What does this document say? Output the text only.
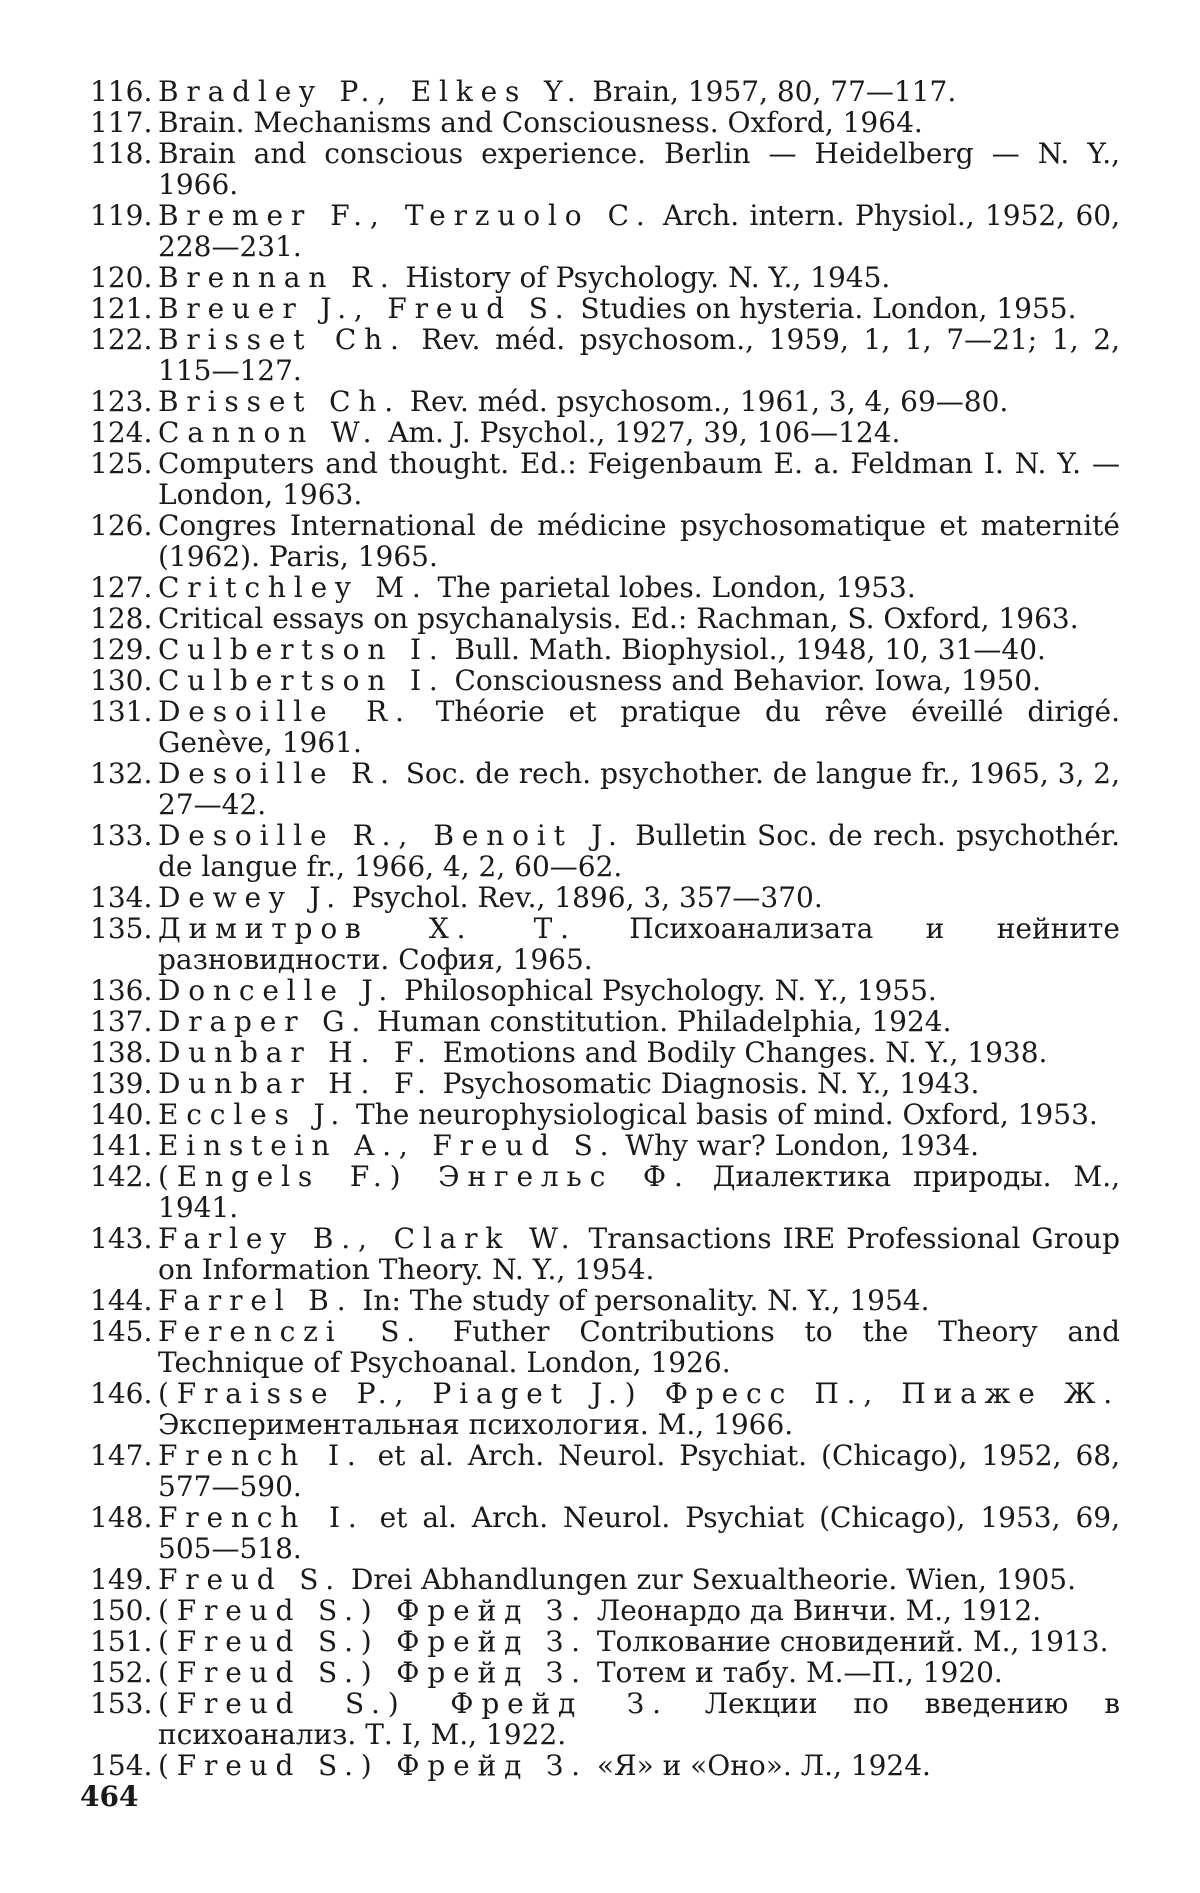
116. Bradley P., Elkes Y. Brain, 1957, 80, 77—117.
117. Brain. Mechanisms and Consciousness. Oxford, 1964.
118. Brain and conscious experience. Berlin — Heidelberg — N. Y., 1966.
119. Bremer F., Terzuolo C. Arch. intern. Physiol., 1952, 60, 228—231.
120. Brennan R. History of Psychology. N. Y., 1945.
121. Breuer J., Freud S. Studies on hysteria. London, 1955.
122. Brisset Ch. Rev. méd. psychosom., 1959, 1, 1, 7—21; 1, 2, 115—127.
123. Brisset Ch. Rev. méd. psychosom., 1961, 3, 4, 69—80.
124. Cannon W. Am. J. Psychol., 1927, 39, 106—124.
125. Computers and thought. Ed.: Feigenbaum E. a. Feldman I. N. Y. — London, 1963.
126. Congres International de médicine psychosomatique et maternité (1962). Paris, 1965.
127. Critchley M. The parietal lobes. London, 1953.
128. Critical essays on psychanalysis. Ed.: Rachman, S. Oxford, 1963.
129. Culbertson I. Bull. Math. Biophysiol., 1948, 10, 31—40.
130. Culbertson I. Consciousness and Behavior. Iowa, 1950.
131. Desoille R. Théorie et pratique du rêve éveillé dirigé. Genève, 1961.
132. Desoille R. Soc. de rech. psychother. de langue fr., 1965, 3, 2, 27—42.
133. Desoille R., Benoit J. Bulletin Soc. de rech. psychothér. de langue fr., 1966, 4, 2, 60—62.
134. Dewey J. Psychol. Rev., 1896, 3, 357—370.
135. Димитров X. Т. Психоанализата и нейните разновидности. София, 1965.
136. Doncelle J. Philosophical Psychology. N. Y., 1955.
137. Draper G. Human constitution. Philadelphia, 1924.
138. Dunbar H. F. Emotions and Bodily Changes. N. Y., 1938.
139. Dunbar H. F. Psychosomatic Diagnosis. N. Y., 1943.
140. Eccles J. The neurophysiological basis of mind. Oxford, 1953.
141. Einstein A., Freud S. Why war? London, 1934.
142. (Engels F.) Энгельс Ф. Диалектика природы. М., 1941.
143. Farley B., Clark W. Transactions IRE Professional Group on Information Theory. N. Y., 1954.
144. Farrel B. In: The study of personality. N. Y., 1954.
145. Ferenczi S. Futher Contributions to the Theory and Technique of Psychoanal. London, 1926.
146. (Fraisse P., Piaget J.) Фресс П., Пиаже Ж. Экспериментальная психология. М., 1966.
147. French I. et al. Arch. Neurol. Psychiat. (Chicago), 1952, 68, 577—590.
148. French I. et al. Arch. Neurol. Psychiat (Chicago), 1953, 69, 505—518.
149. Freud S. Drei Abhandlungen zur Sexualtheorie. Wien, 1905.
150. (Freud S.) Фрейд З. Леонардо да Винчи. М., 1912.
151. (Freud S.) Фрейд З. Толкование сновидений. М., 1913.
152. (Freud S.) Фрейд З. Тотем и табу. М.—П., 1920.
153. (Freud S.) Фрейд З. Лекции по введению в психоанализ. Т. I, М., 1922.
154. (Freud S.) Фрейд З. «Я» и «Оно». Л., 1924.
464
